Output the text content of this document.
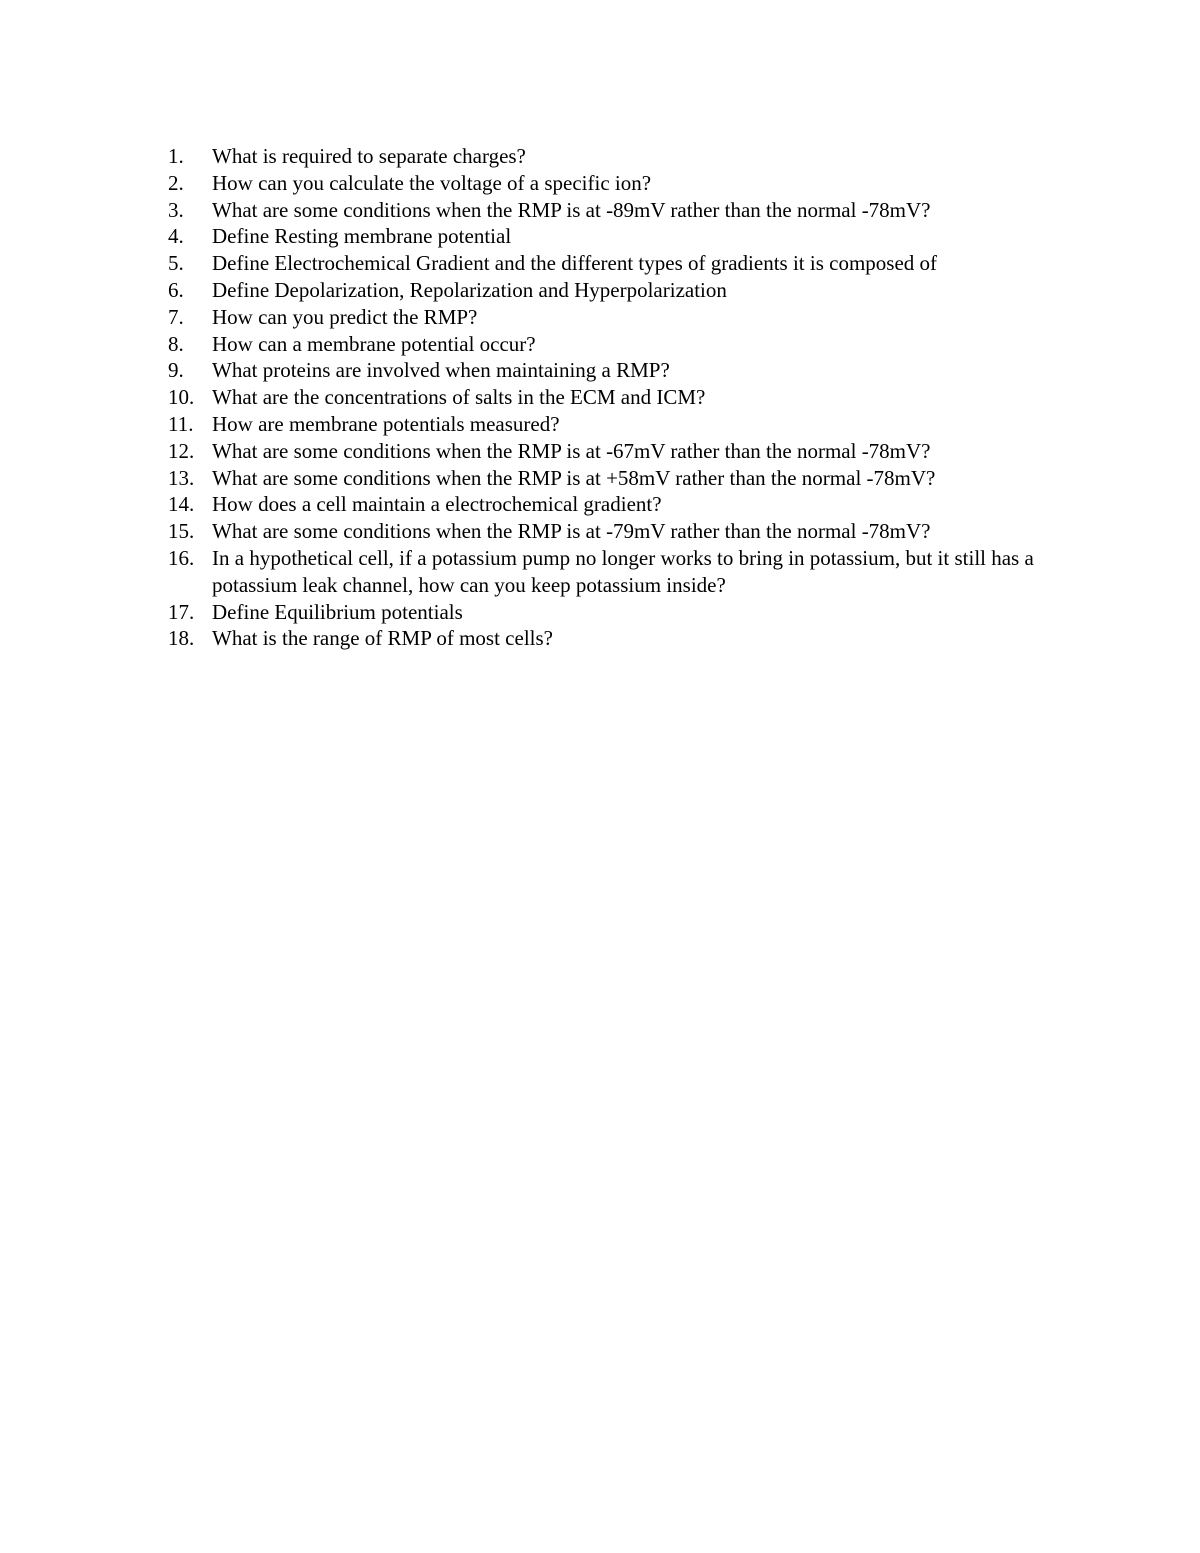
1.	What is required to separate charges?
2.	How can you calculate the voltage of a specific ion?
3.	What are some conditions when the RMP is at -89mV rather than the normal -78mV?
4.	Define Resting membrane potential
5.	Define Electrochemical Gradient and the different types of gradients it is composed of
6.	Define Depolarization, Repolarization and Hyperpolarization
7.	How can you predict the RMP?
8.	How can a membrane potential occur?
9.	What proteins are involved when maintaining a RMP?
10. What are the concentrations of salts in the ECM and ICM?
11. How are membrane potentials measured?
12. What are some conditions when the RMP is at -67mV rather than the normal -78mV?
13. What are some conditions when the RMP is at +58mV rather than the normal -78mV?
14. How does a cell maintain a electrochemical gradient?
15. What are some conditions when the RMP is at -79mV rather than the normal -78mV?
16. In a hypothetical cell, if a potassium pump no longer works to bring in potassium, but it still has a potassium leak channel, how can you keep potassium inside?
17. Define Equilibrium potentials
18. What is the range of RMP of most cells?
